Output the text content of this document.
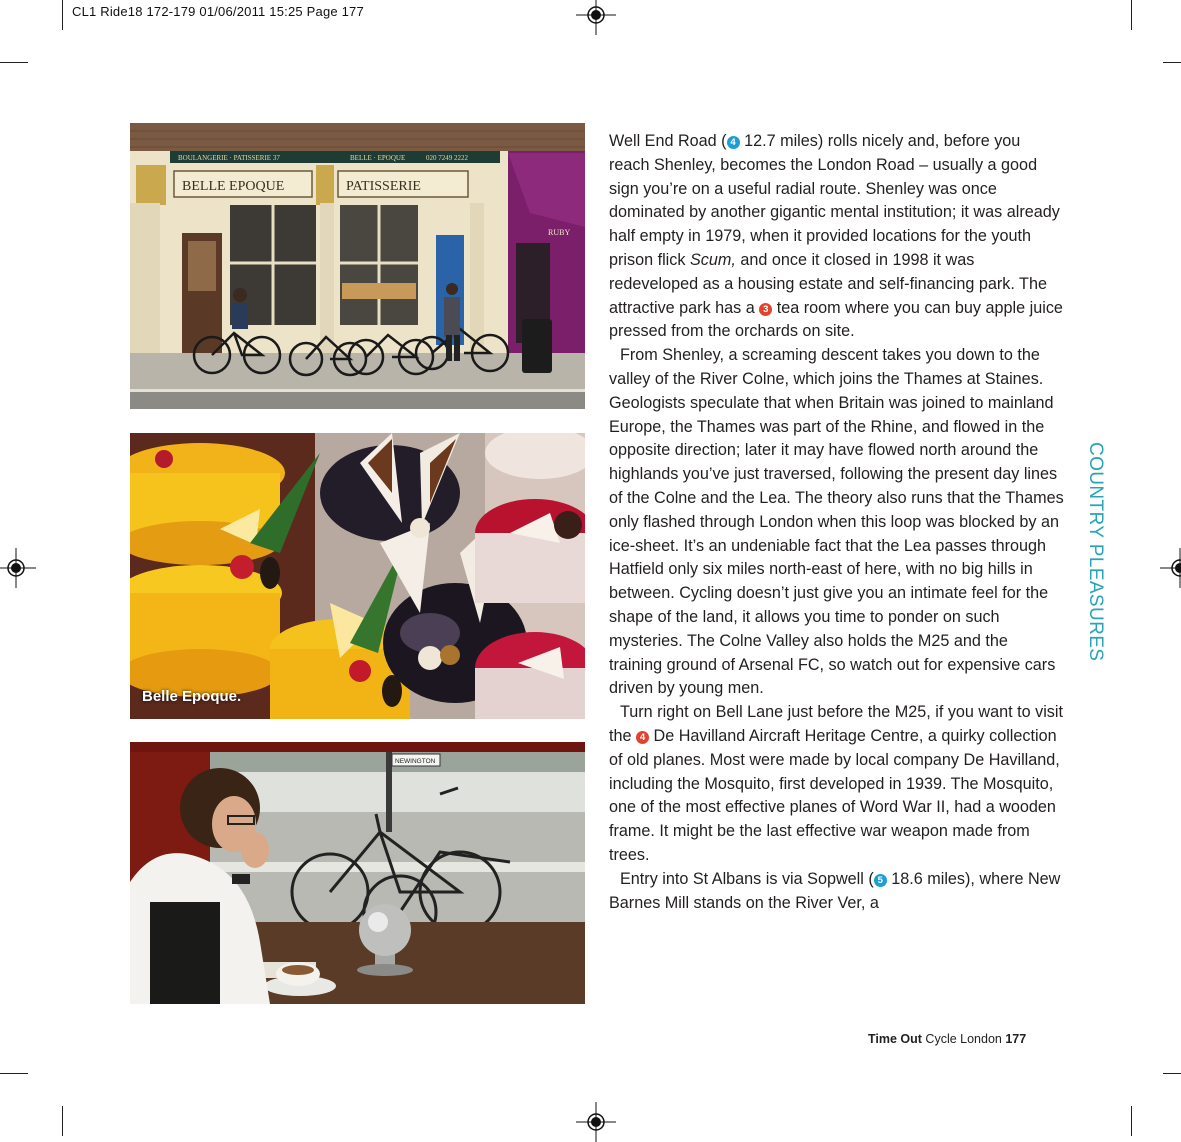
CL1 Ride18 172-179 01/06/2011 15:25 Page 177
BOULANGERIE · PATISSERIE 37	BELLE · EPOQUE	020 7249 2222
BELLE EPOQUE	PATISSERIE
RUBY
Belle Epoque.
NEWINGTON

Well End Road ( 4 12.7 miles) rolls nicely and, before you reach Shenley, becomes the London Road – usually a good sign you’re on a useful radial route. Shenley was once dominated by another gigantic mental institution; it was already half empty in 1979, when it provided locations for the youth prison flick Scum, and once it closed in 1998 it was redeveloped as a housing estate and self-financing park. The attractive park has a 3 tea room where you can buy apple juice pressed from the orchards on site.

From Shenley, a screaming descent takes you down to the valley of the River Colne, which joins the Thames at Staines. Geologists speculate that when Britain was joined to mainland Europe, the Thames was part of the Rhine, and flowed in the opposite direction; later it may have flowed north around the highlands you’ve just traversed, following the present day lines of the Colne and the Lea. The theory also runs that the Thames only flashed through London when this loop was blocked by an ice-sheet. It’s an undeniable fact that the Lea passes through Hatfield only six miles north-east of here, with no big hills in between. Cycling doesn’t just give you an intimate feel for the shape of the land, it allows you time to ponder on such mysteries. The Colne Valley also holds the M25 and the training ground of Arsenal FC, so watch out for expensive cars driven by young men.

Turn right on Bell Lane just before the M25, if you want to visit the 4 De Havilland Aircraft Heritage Centre, a quirky collection of old planes. Most were made by local company De Havilland, including the Mosquito, first developed in 1939. The Mosquito, one of the most effective planes of Word War II, had a wooden frame. It might be the last effective war weapon made from trees.

Entry into St Albans is via Sopwell ( 5 18.6 miles), where New Barnes Mill stands on the River Ver, a

COUNTRY PLEASURES
Time Out Cycle London 177
